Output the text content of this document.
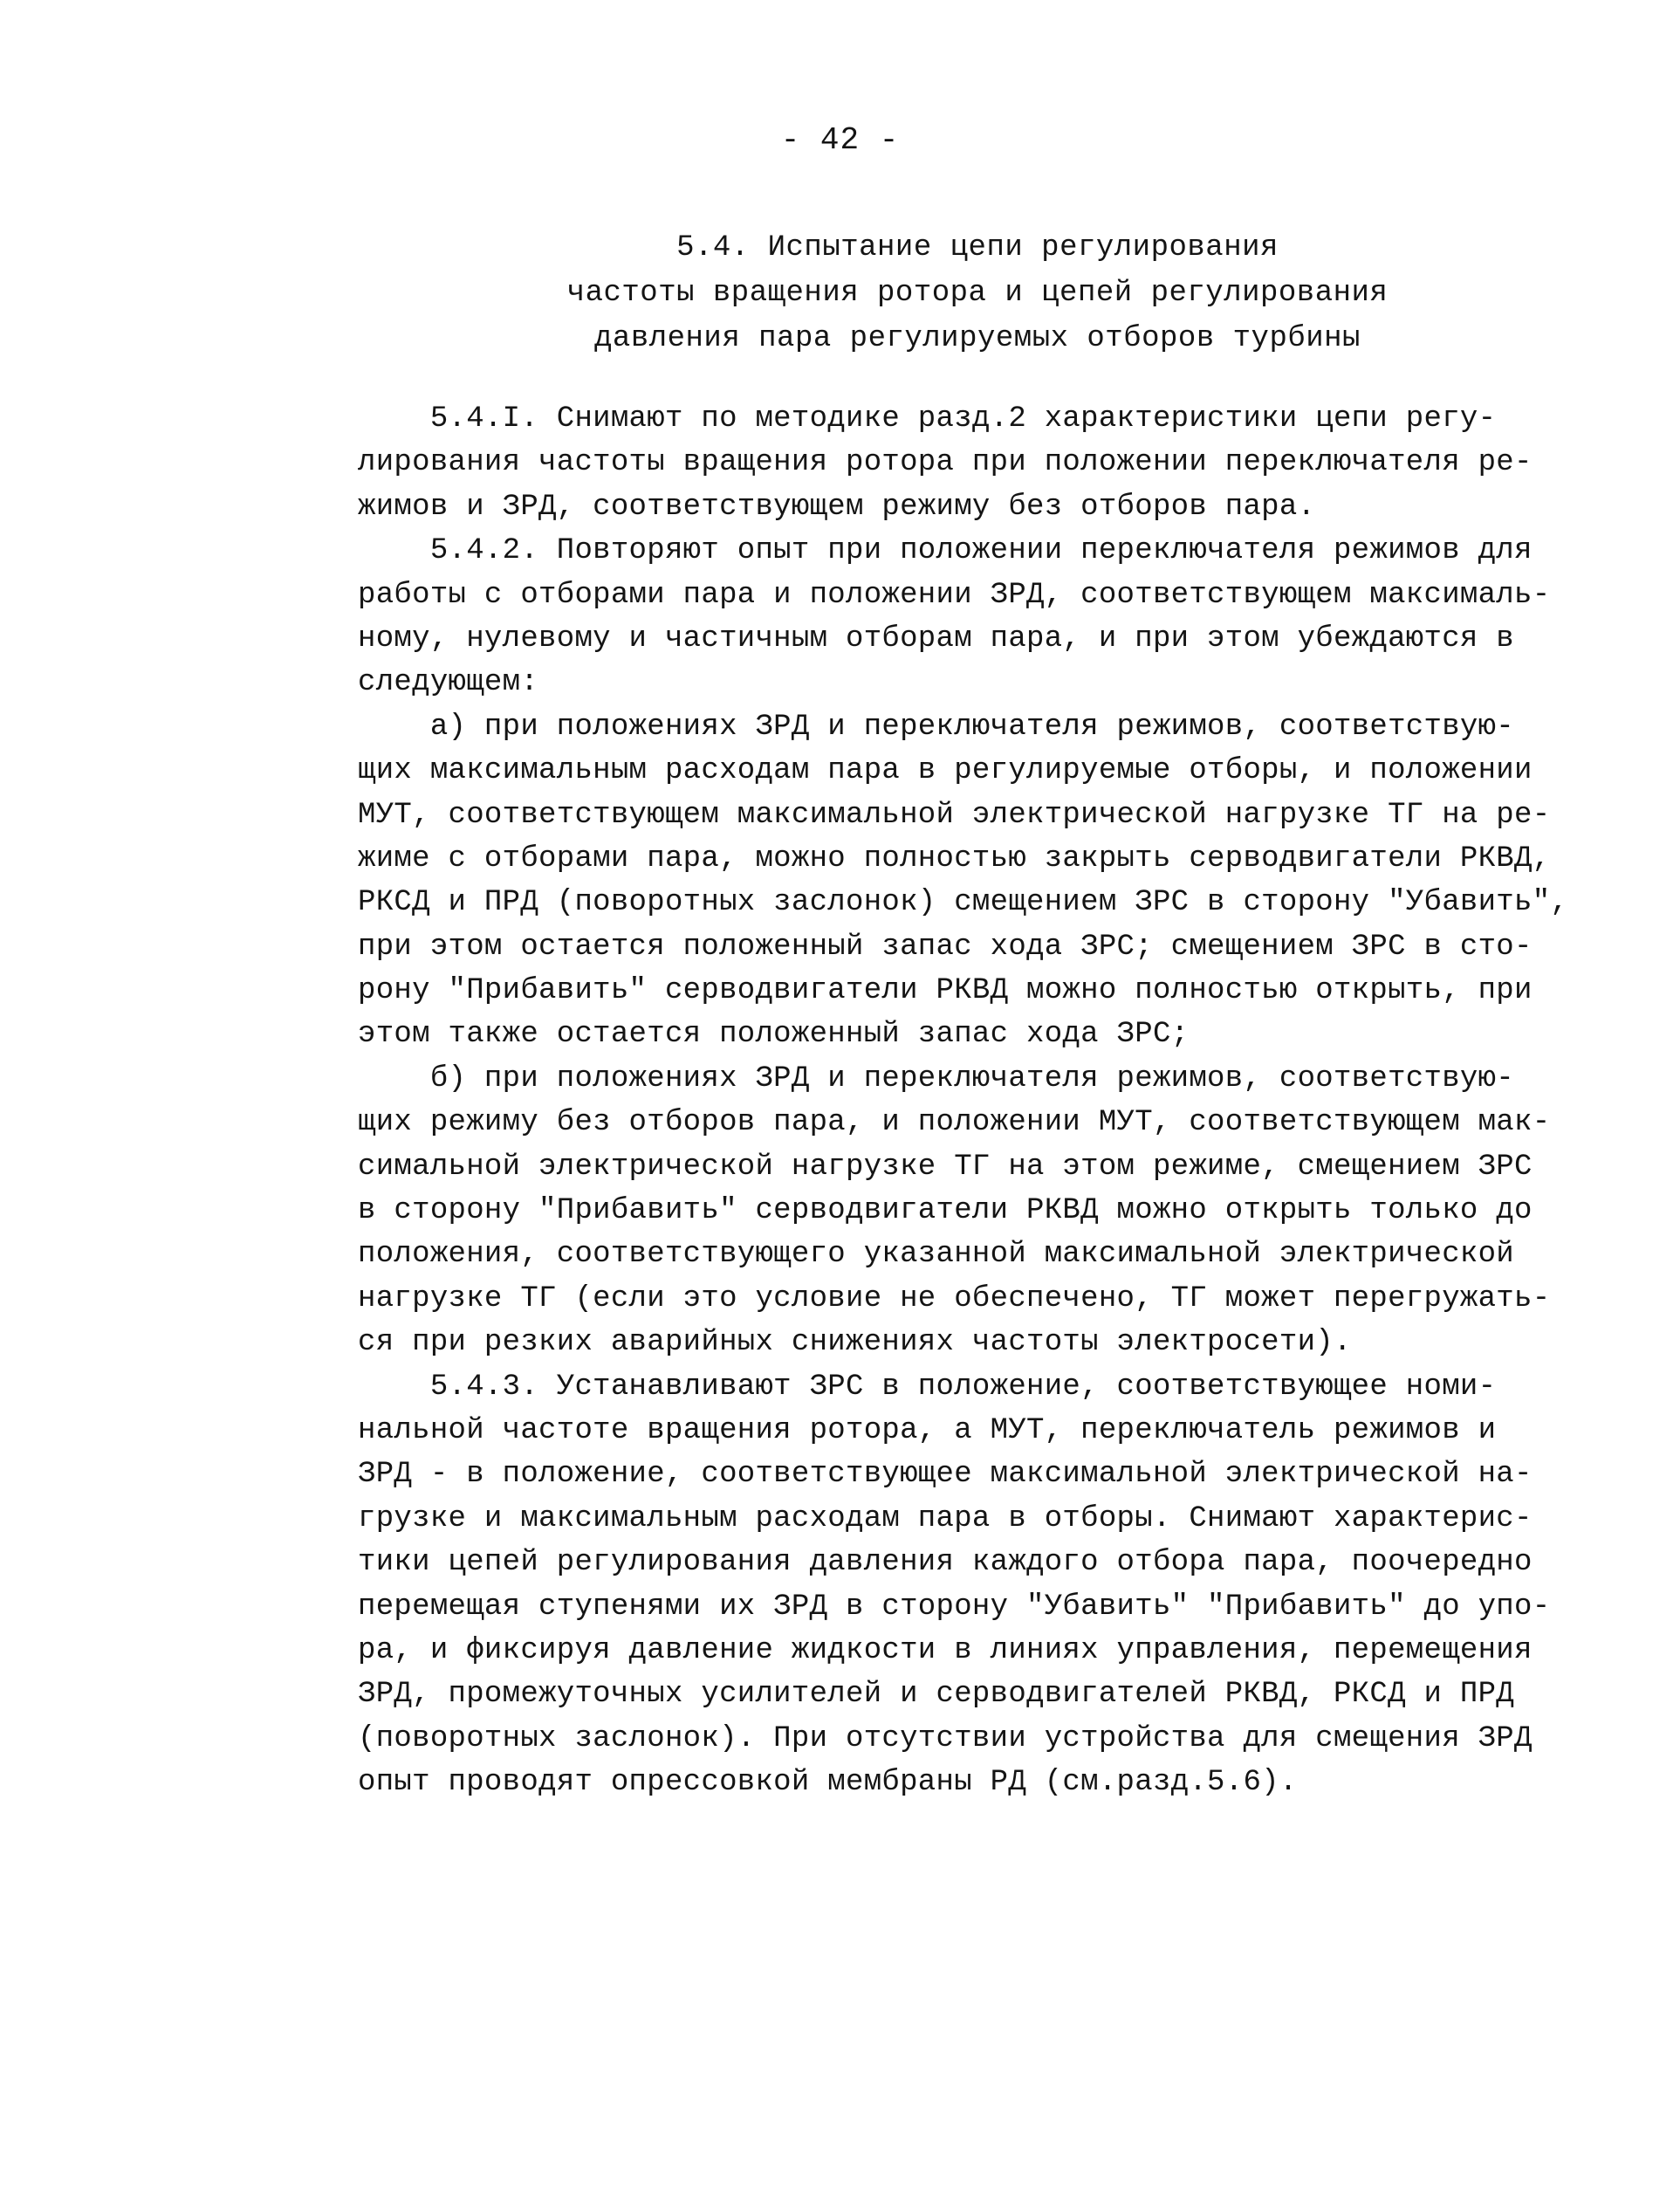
- 42 -
5.4. Испытание цепи регулирования
частоты вращения ротора и цепей регулирования
давления пара регулируемых отборов турбины
5.4.I. Снимают по методике разд.2 характеристики цепи регу-
лирования частоты вращения ротора при положении переключателя ре-
жимов и ЗРД, соответствующем режиму без отборов пара.
5.4.2. Повторяют опыт при положении переключателя режимов для
работы с отборами пара и положении ЗРД, соответствующем максималь-
ному, нулевому и частичным отборам пара, и при этом убеждаются в
следующем:
а) при положениях ЗРД и переключателя режимов, соответствую-
щих максимальным расходам пара в регулируемые отборы, и положении
МУТ, соответствующем максимальной электрической нагрузке ТГ на ре-
жиме с отборами пара, можно полностью закрыть серводвигатели РКВД,
РКСД и ПРД (поворотных заслонок) смещением ЗРС в сторону "Убавить",
при этом остается положенный запас хода ЗРС; смещением ЗРС в сто-
рону "Прибавить" серводвигатели РКВД можно полностью открыть, при
этом также остается положенный запас хода ЗРС;
б) при положениях ЗРД и переключателя режимов, соответствую-
щих режиму без отборов пара, и положении МУТ, соответствующем мак-
симальной электрической нагрузке ТГ на этом режиме, смещением ЗРС
в сторону "Прибавить" серводвигатели РКВД можно открыть только до
положения, соответствующего указанной максимальной электрической
нагрузке ТГ (если это условие не обеспечено, ТГ может перегружать-
ся при резких аварийных снижениях частоты электросети).
5.4.3. Устанавливают ЗРС в положение, соответствующее номи-
нальной частоте вращения ротора, а МУТ, переключатель режимов и
ЗРД - в положение, соответствующее максимальной электрической на-
грузке и максимальным расходам пара в отборы. Снимают характерис-
тики цепей регулирования давления каждого отбора пара, поочередно
перемещая ступенями их ЗРД в сторону "Убавить" "Прибавить" до упо-
ра, и фиксируя давление жидкости в линиях управления, перемещения
ЗРД, промежуточных усилителей и серводвигателей РКВД, РКСД и ПРД
(поворотных заслонок). При отсутствии устройства для смещения ЗРД
опыт проводят опрессовкой мембраны РД (см.разд.5.6).
